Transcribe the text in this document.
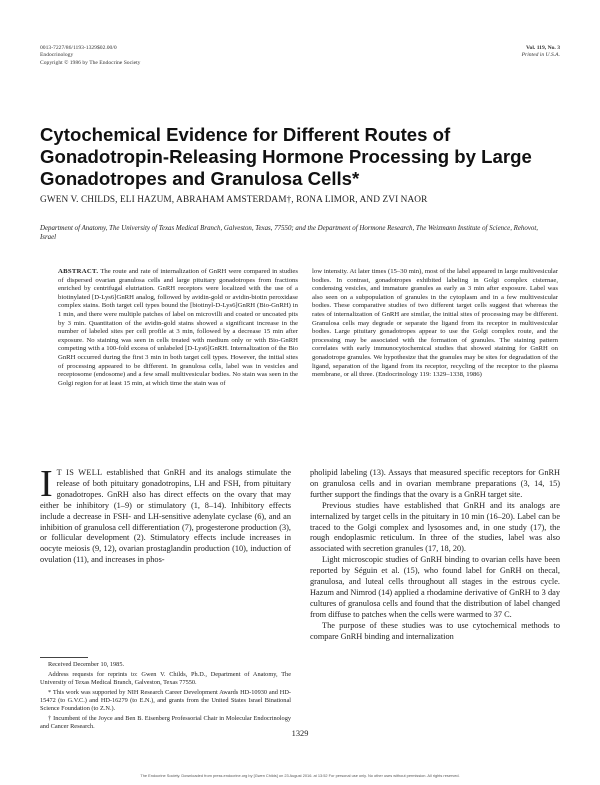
0013-7227/86/1193-1329$02.00/0
Endocrinology
Copyright © 1986 by The Endocrine Society
Vol. 119, No. 3
Printed in U.S.A.
Cytochemical Evidence for Different Routes of Gonadotropin-Releasing Hormone Processing by Large Gonadotropes and Granulosa Cells*
GWEN V. CHILDS, ELI HAZUM, ABRAHAM AMSTERDAM†, RONA LIMOR, AND ZVI NAOR
Department of Anatomy, The University of Texas Medical Branch, Galveston, Texas, 77550; and the Department of Hormone Research, The Weizmann Institute of Science, Rehovot, Israel
ABSTRACT. The route and rate of internalization of GnRH were compared in studies of dispersed ovarian granulosa cells and large pituitary gonadotropes from fractions enriched by centrifugal elutriation. GnRH receptors were localized with the use of a biotinylated [D-Lys6]GnRH analog, followed by avidin-gold or avidin-biotin peroxidase complex stains. Both target cell types bound the [biotinyl-D-Lys6]GnRH (Bio-GnRH) in 1 min, and there were multiple patches of label on microvilli and coated or uncoated pits by 3 min. Quantitation of the avidin-gold stains showed a significant increase in the number of labeled sites per cell profile at 3 min, followed by a decrease 15 min after exposure. No staining was seen in cells treated with medium only or with Bio-GnRH competing with a 100-fold excess of unlabeled [D-Lys6]GnRH. Internalization of the Bio GnRH occurred during the first 3 min in both target cell types. However, the initial sites of processing appeared to be different. In granulosa cells, label was in vesicles and receptosome (endosome) and a few small multivesicular bodies. No stain was seen in the Golgi region for at least 15 min, at which time the stain was of
low intensity. At later times (15–30 min), most of the label appeared in large multivesicular bodies. In contrast, gonadotropes exhibited labeling in Golgi complex cisternae, condensing vesicles, and immature granules as early as 3 min after exposure. Label was also seen on a subpopulation of granules in the cytoplasm and in a few multivesicular bodies. These comparative studies of two different target cells suggest that whereas the rates of internalization of GnRH are similar, the initial sites of processing may be different. Granulosa cells may degrade or separate the ligand from its receptor in multivesicular bodies. Large pituitary gonadotropes appear to use the Golgi complex route, and the processing may be associated with the formation of granules. The staining pattern correlates with early immunocytochemical studies that showed staining for GnRH on gonadotrope granules. We hypothesize that the granules may be sites for degradation of the ligand, separation of the ligand from its receptor, recycling of the receptor to the plasma membrane, or all three. (Endocrinology 119: 1329–1338, 1986)

I T IS WELL established that GnRH and its analogs stimulate the release of both pituitary gonadotropins, LH and FSH, from pituitary gonadotropes. GnRH also has direct effects on the ovary that may either be inhibitory (1–9) or stimulatory (1, 8–14). Inhibitory effects include a decrease in FSH- and LH-sensitive adenylate cyclase (6), and an inhibition of granulosa cell differentiation (7), progesterone production (3), or follicular development (2). Stimulatory effects include increases in oocyte meiosis (9, 12), ovarian prostaglandin production (10), induction of ovulation (11), and increases in phos-

pholipid labeling (13). Assays that measured specific receptors for GnRH on granulosa cells and in ovarian membrane preparations (3, 14, 15) further support the findings that the ovary is a GnRH target site.

Previous studies have established that GnRH and its analogs are internalized by target cells in the pituitary in 10 min (16–20). Label can be traced to the Golgi complex and lysosomes and, in one study (17), the rough endoplasmic reticulum. In three of the studies, label was also associated with secretion granules (17, 18, 20).

Light microscopic studies of GnRH binding to ovarian cells have been reported by Séguin et al. (15), who found label for GnRH on thecal, granulosa, and luteal cells throughout all stages in the estrous cycle. Hazum and Nimrod (14) applied a rhodamine derivative of GnRH to 3 day cultures of granulosa cells and found that the distribution of label changed from diffuse to patches when the cells were warmed to 37 C.

The purpose of these studies was to use cytochemical methods to compare GnRH binding and internalization

Received December 10, 1985.

Address requests for reprints to: Gwen V. Childs, Ph.D., Department of Anatomy, The University of Texas Medical Branch, Galveston, Texas 77550.

* This work was supported by NIH Research Career Development Awards HD-10930 and HD-15472 (to G.V.C.) and HD-16279 (to E.N.), and grants from the United States Israel Binational Science Foundation (to Z.N.).

† Incumbent of the Joyce and Ben B. Eisenberg Professorial Chair in Molecular Endocrinology and Cancer Research.

1329
The Endocrine Society. Downloaded from press.endocrine.org by [Gwen Childs] on 23 August 2016. at 13:52 For personal use only. No other uses without permission. All rights reserved.
